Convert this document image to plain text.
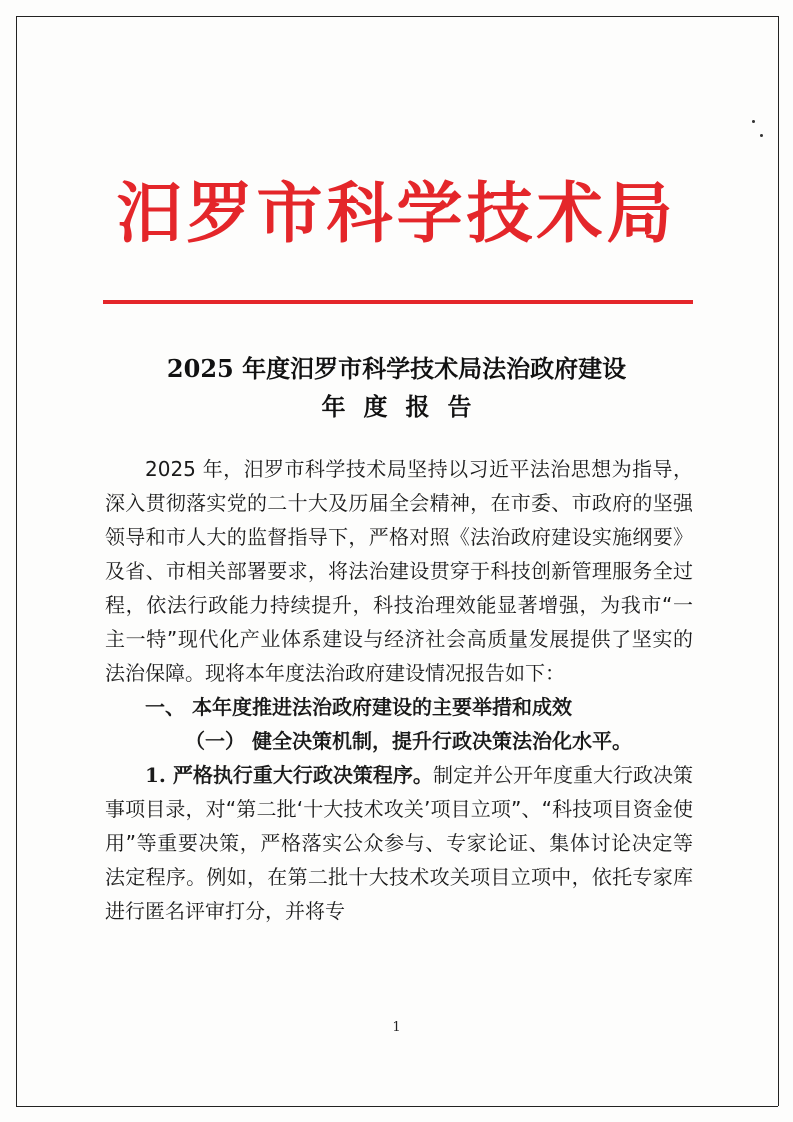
汨罗市科学技术局
2025 年度汨罗市科学技术局法治政府建设
年度报告

2025 年，汨罗市科学技术局坚持以习近平法治思想为指导，深入贯彻落实党的二十大及历届全会精神，在市委、市政府的坚强领导和市人大的监督指导下，严格对照《法治政府建设实施纲要》及省、市相关部署要求，将法治建设贯穿于科技创新管理服务全过程，依法行政能力持续提升，科技治理效能显著增强，为我市“一主一特”现代化产业体系建设与经济社会高质量发展提供了坚实的法治保障。现将本年度法治政府建设情况报告如下：

一、 本年度推进法治政府建设的主要举措和成效

（一） 健全决策机制，提升行政决策法治化水平。

1. 严格执行重大行政决策程序。制定并公开年度重大行政决策事项目录，对“第二批‘十大技术攻关’项目立项”、“科技项目资金使用”等重要决策，严格落实公众参与、专家论证、集体讨论决定等法定程序。例如，在第二批十大技术攻关项目立项中，依托专家库进行匿名评审打分，并将专

1
